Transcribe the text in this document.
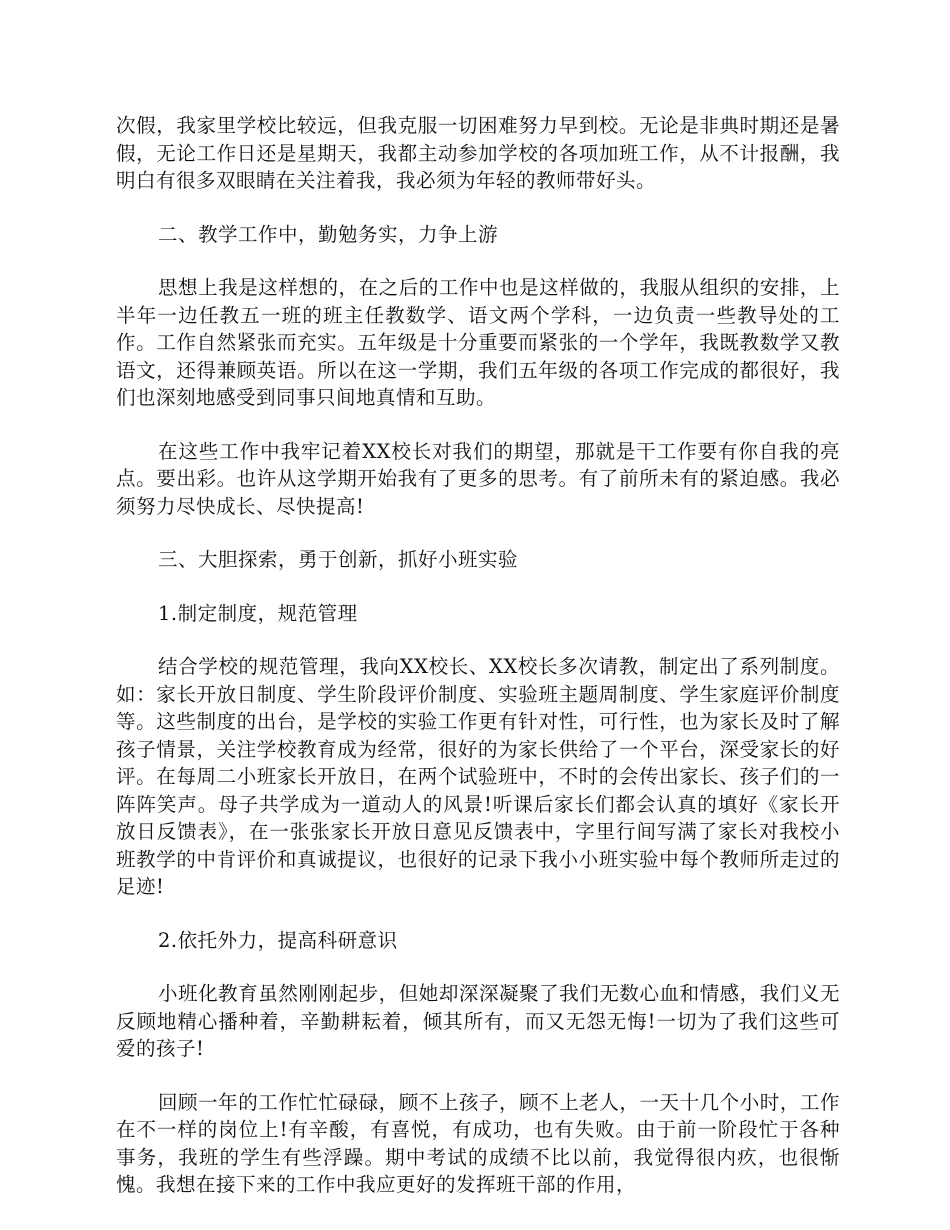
次假，我家里学校比较远，但我克服一切困难努力早到校。无论是非典时期还是暑假，无论工作日还是星期天，我都主动参加学校的各项加班工作，从不计报酬，我明白有很多双眼睛在关注着我，我必须为年轻的教师带好头。

二、教学工作中，勤勉务实，力争上游

思想上我是这样想的，在之后的工作中也是这样做的，我服从组织的安排，上半年一边任教五一班的班主任教数学、语文两个学科，一边负责一些教导处的工作。工作自然紧张而充实。五年级是十分重要而紧张的一个学年，我既教数学又教语文，还得兼顾英语。所以在这一学期，我们五年级的各项工作完成的都很好，我们也深刻地感受到同事只间地真情和互助。

在这些工作中我牢记着XX校长对我们的期望，那就是干工作要有你自我的亮点。要出彩。也许从这学期开始我有了更多的思考。有了前所未有的紧迫感。我必须努力尽快成长、尽快提高!

三、大胆探索，勇于创新，抓好小班实验

1.制定制度，规范管理

结合学校的规范管理，我向XX校长、XX校长多次请教，制定出了系列制度。如：家长开放日制度、学生阶段评价制度、实验班主题周制度、学生家庭评价制度等。这些制度的出台，是学校的实验工作更有针对性，可行性，也为家长及时了解孩子情景，关注学校教育成为经常，很好的为家长供给了一个平台，深受家长的好评。在每周二小班家长开放日，在两个试验班中，不时的会传出家长、孩子们的一阵阵笑声。母子共学成为一道动人的风景!听课后家长们都会认真的填好《家长开放日反馈表》，在一张张家长开放日意见反馈表中，字里行间写满了家长对我校小班教学的中肯评价和真诚提议，也很好的记录下我小小班实验中每个教师所走过的足迹!

2.依托外力，提高科研意识

小班化教育虽然刚刚起步，但她却深深凝聚了我们无数心血和情感，我们义无反顾地精心播种着，辛勤耕耘着，倾其所有，而又无怨无悔!一切为了我们这些可爱的孩子!

回顾一年的工作忙忙碌碌，顾不上孩子，顾不上老人，一天十几个小时，工作在不一样的岗位上!有辛酸，有喜悦，有成功，也有失败。由于前一阶段忙于各种事务，我班的学生有些浮躁。期中考试的成绩不比以前，我觉得很内疚，也很惭愧。我想在接下来的工作中我应更好的发挥班干部的作用，
